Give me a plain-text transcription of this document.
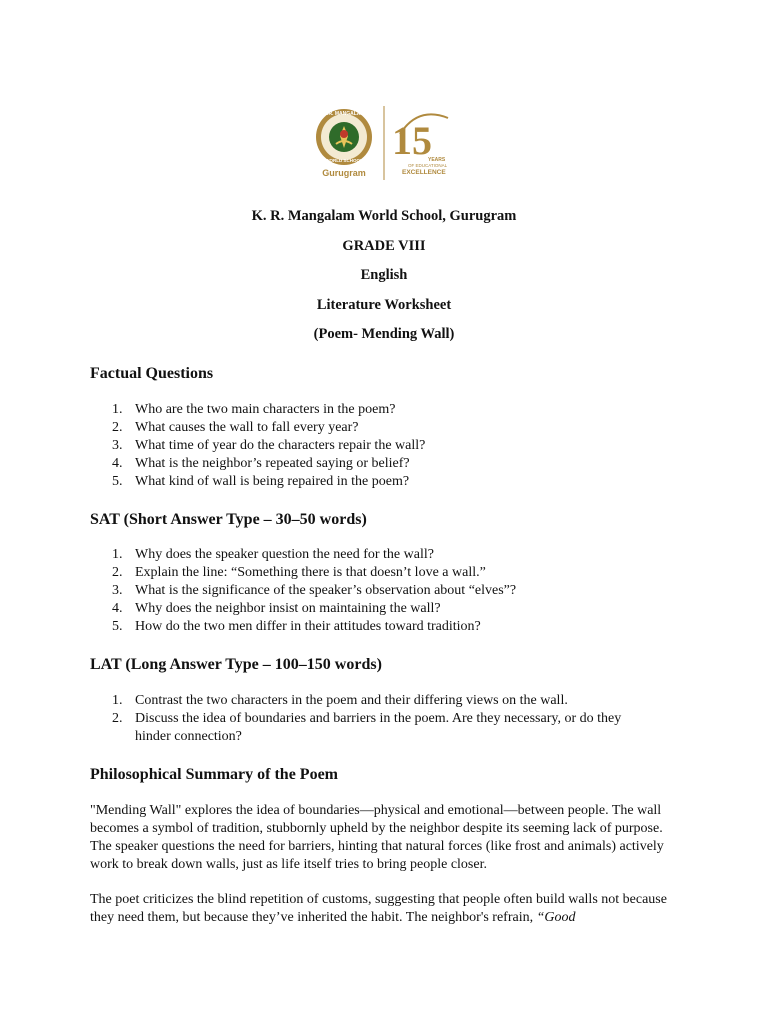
K.R. MANGALAM
WORLD SCHOOL
Gurugram
15
YEARS
OF EDUCATIONAL
EXCELLENCE
K. R. Mangalam World School, Gurugram
GRADE VIII
English
Literature Worksheet
(Poem- Mending Wall)
Factual Questions
1. Who are the two main characters in the poem?
2. What causes the wall to fall every year?
3. What time of year do the characters repair the wall?
4. What is the neighbor’s repeated saying or belief?
5. What kind of wall is being repaired in the poem?
SAT (Short Answer Type – 30–50 words)
1. Why does the speaker question the need for the wall?
2. Explain the line: “Something there is that doesn’t love a wall.”
3. What is the significance of the speaker’s observation about “elves”?
4. Why does the neighbor insist on maintaining the wall?
5. How do the two men differ in their attitudes toward tradition?
LAT (Long Answer Type – 100–150 words)
1. Contrast the two characters in the poem and their differing views on the wall.
2. Discuss the idea of boundaries and barriers in the poem. Are they necessary, or do they hinder connection?
Philosophical Summary of the Poem

"Mending Wall" explores the idea of boundaries—physical and emotional—between people. The wall becomes a symbol of tradition, stubbornly upheld by the neighbor despite its seeming lack of purpose. The speaker questions the need for barriers, hinting that natural forces (like frost and animals) actively work to break down walls, just as life itself tries to bring people closer.

The poet criticizes the blind repetition of customs, suggesting that people often build walls not because they need them, but because they’ve inherited the habit. The neighbor's refrain, “Good
